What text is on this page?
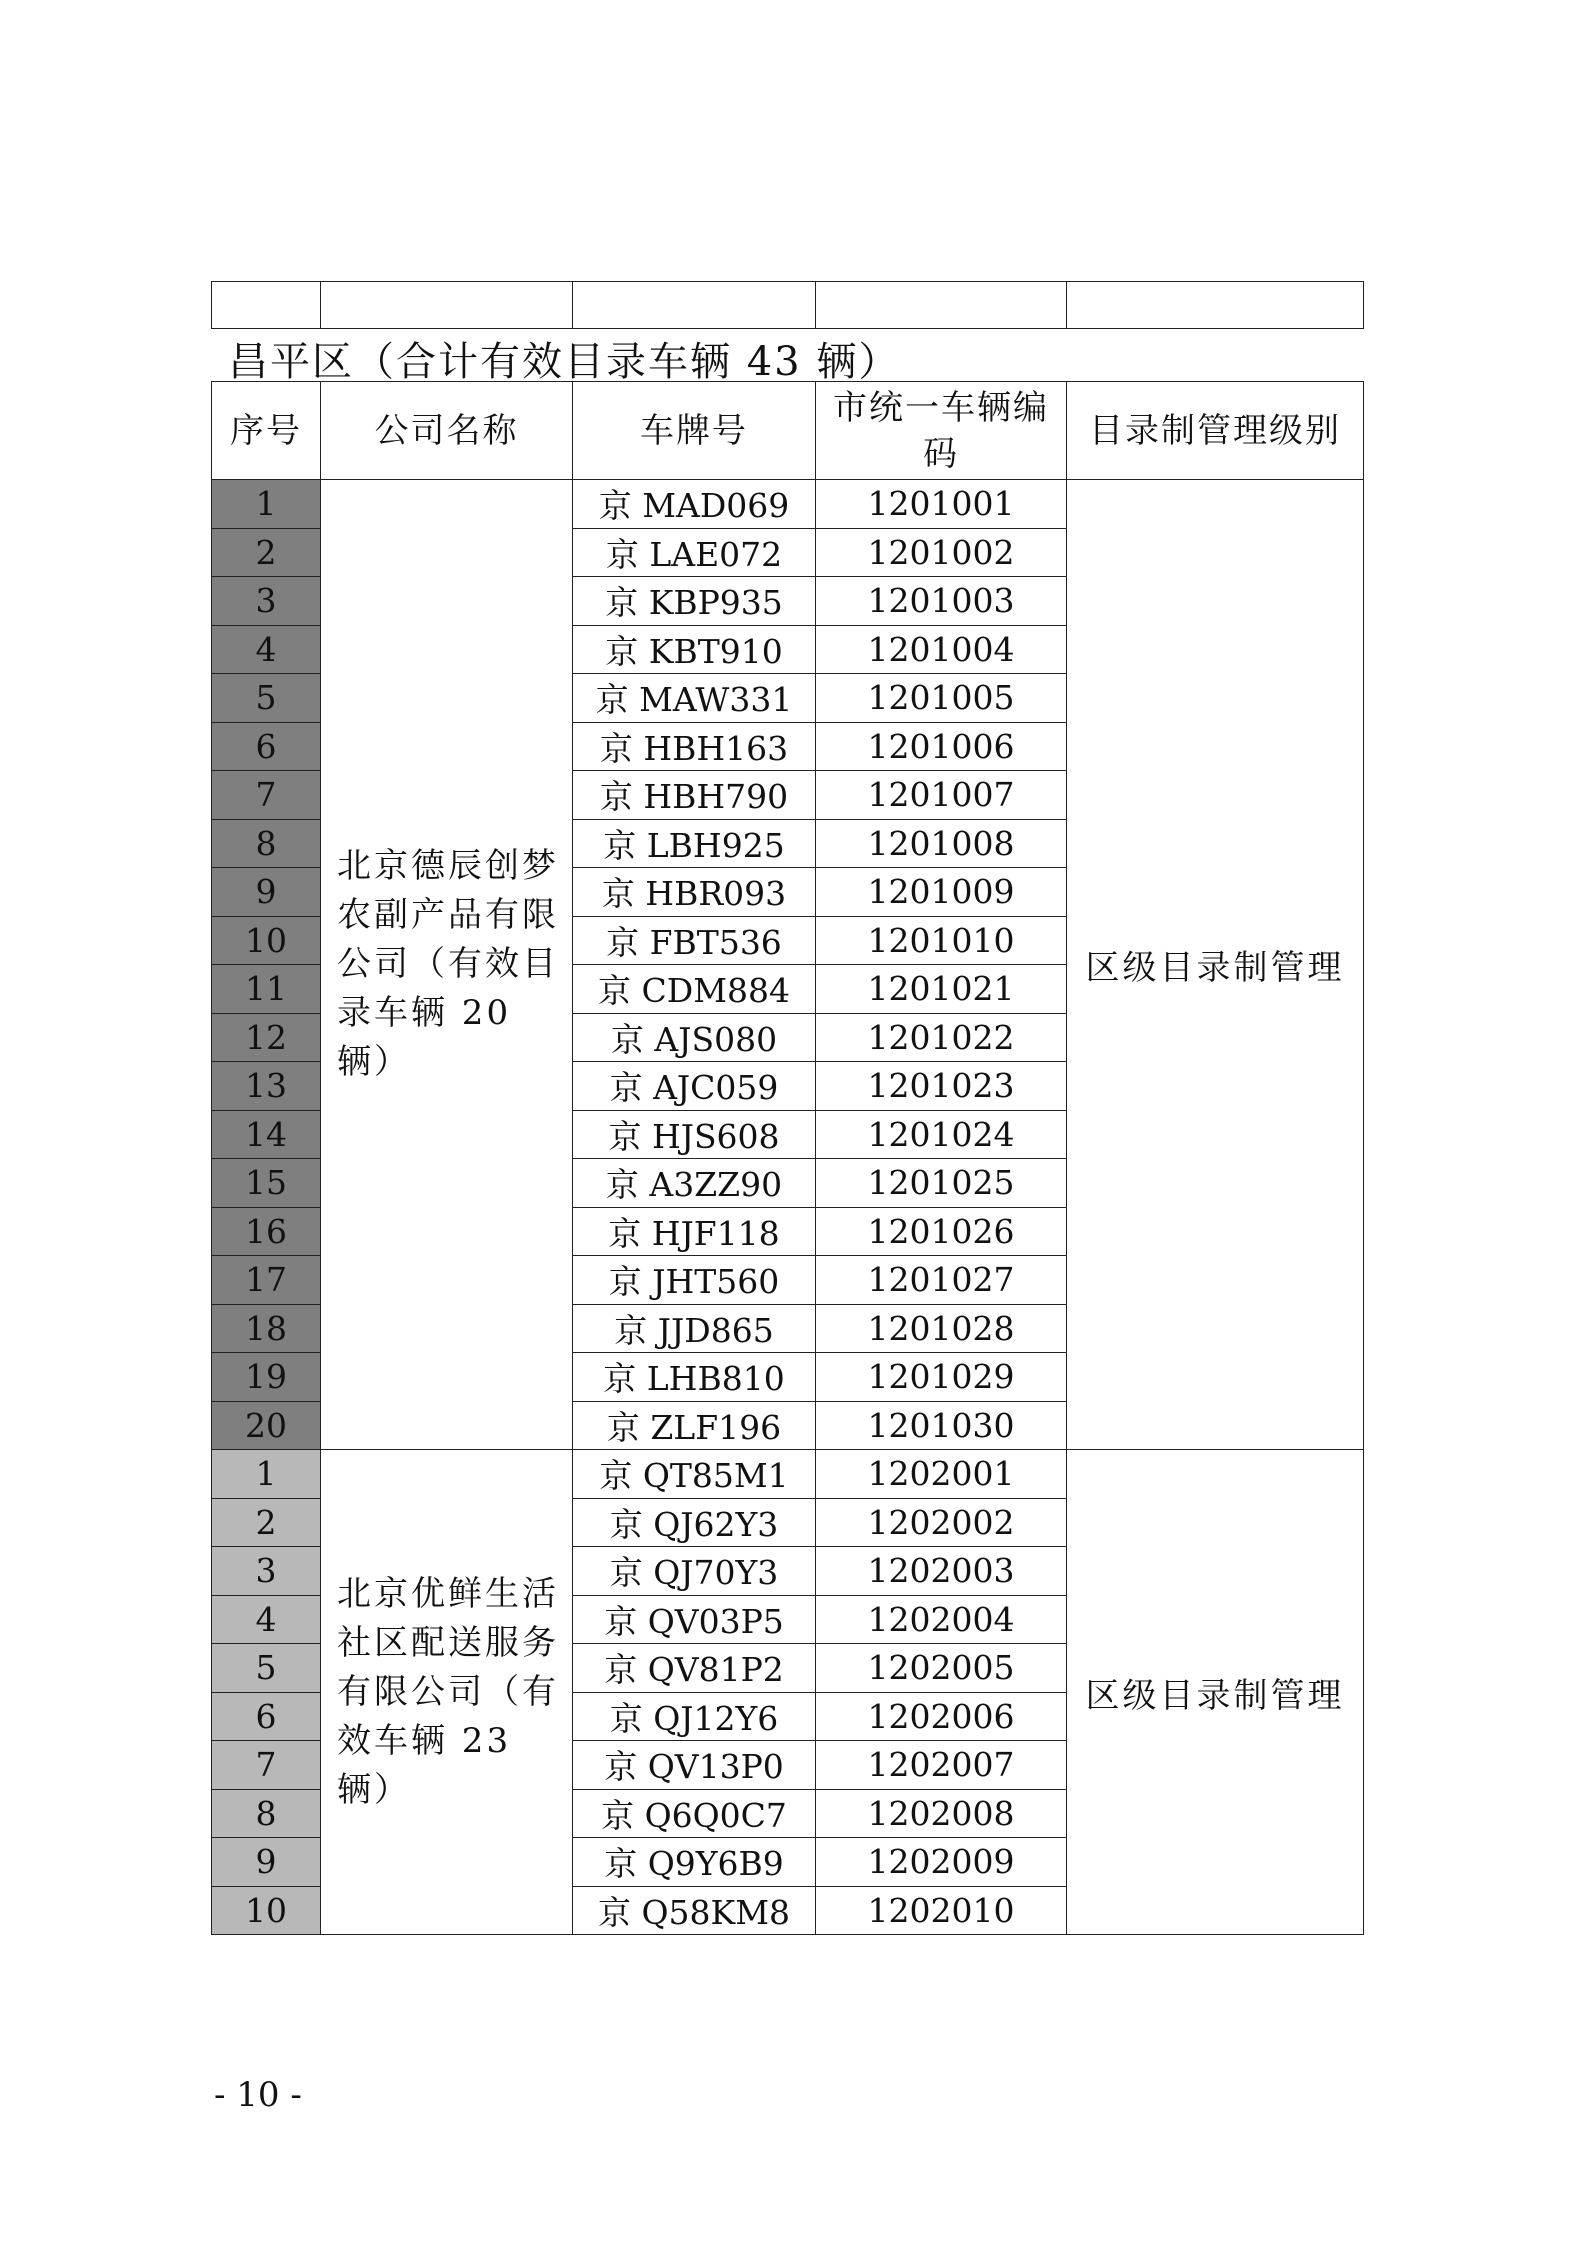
昌平区（合计有效目录车辆 43 辆）
序号	公司名称	车牌号	市统一车辆编码	目录制管理级别
1	北京德辰创梦农副产品有限公司（有效目录车辆 20 辆）	京 MAD069	1201001	区级目录制管理
2		京 LAE072	1201002	
3		京 KBP935	1201003	
4		京 KBT910	1201004	
5		京 MAW331	1201005	
6		京 HBH163	1201006	
7		京 HBH790	1201007	
8		京 LBH925	1201008	
9		京 HBR093	1201009	
10		京 FBT536	1201010	
11		京 CDM884	1201021	
12		京 AJS080	1201022	
13		京 AJC059	1201023	
14		京 HJS608	1201024	
15		京 A3ZZ90	1201025	
16		京 HJF118	1201026	
17		京 JHT560	1201027	
18		京 JJD865	1201028	
19		京 LHB810	1201029	
20		京 ZLF196	1201030	
1	北京优鲜生活社区配送服务有限公司（有效车辆 23 辆）	京 QT85M1	1202001	区级目录制管理
2		京 QJ62Y3	1202002	
3		京 QJ70Y3	1202003	
4		京 QV03P5	1202004	
5		京 QV81P2	1202005	
6		京 QJ12Y6	1202006	
7		京 QV13P0	1202007	
8		京 Q6Q0C7	1202008	
9		京 Q9Y6B9	1202009	
10		京 Q58KM8	1202010	
- 10 -
